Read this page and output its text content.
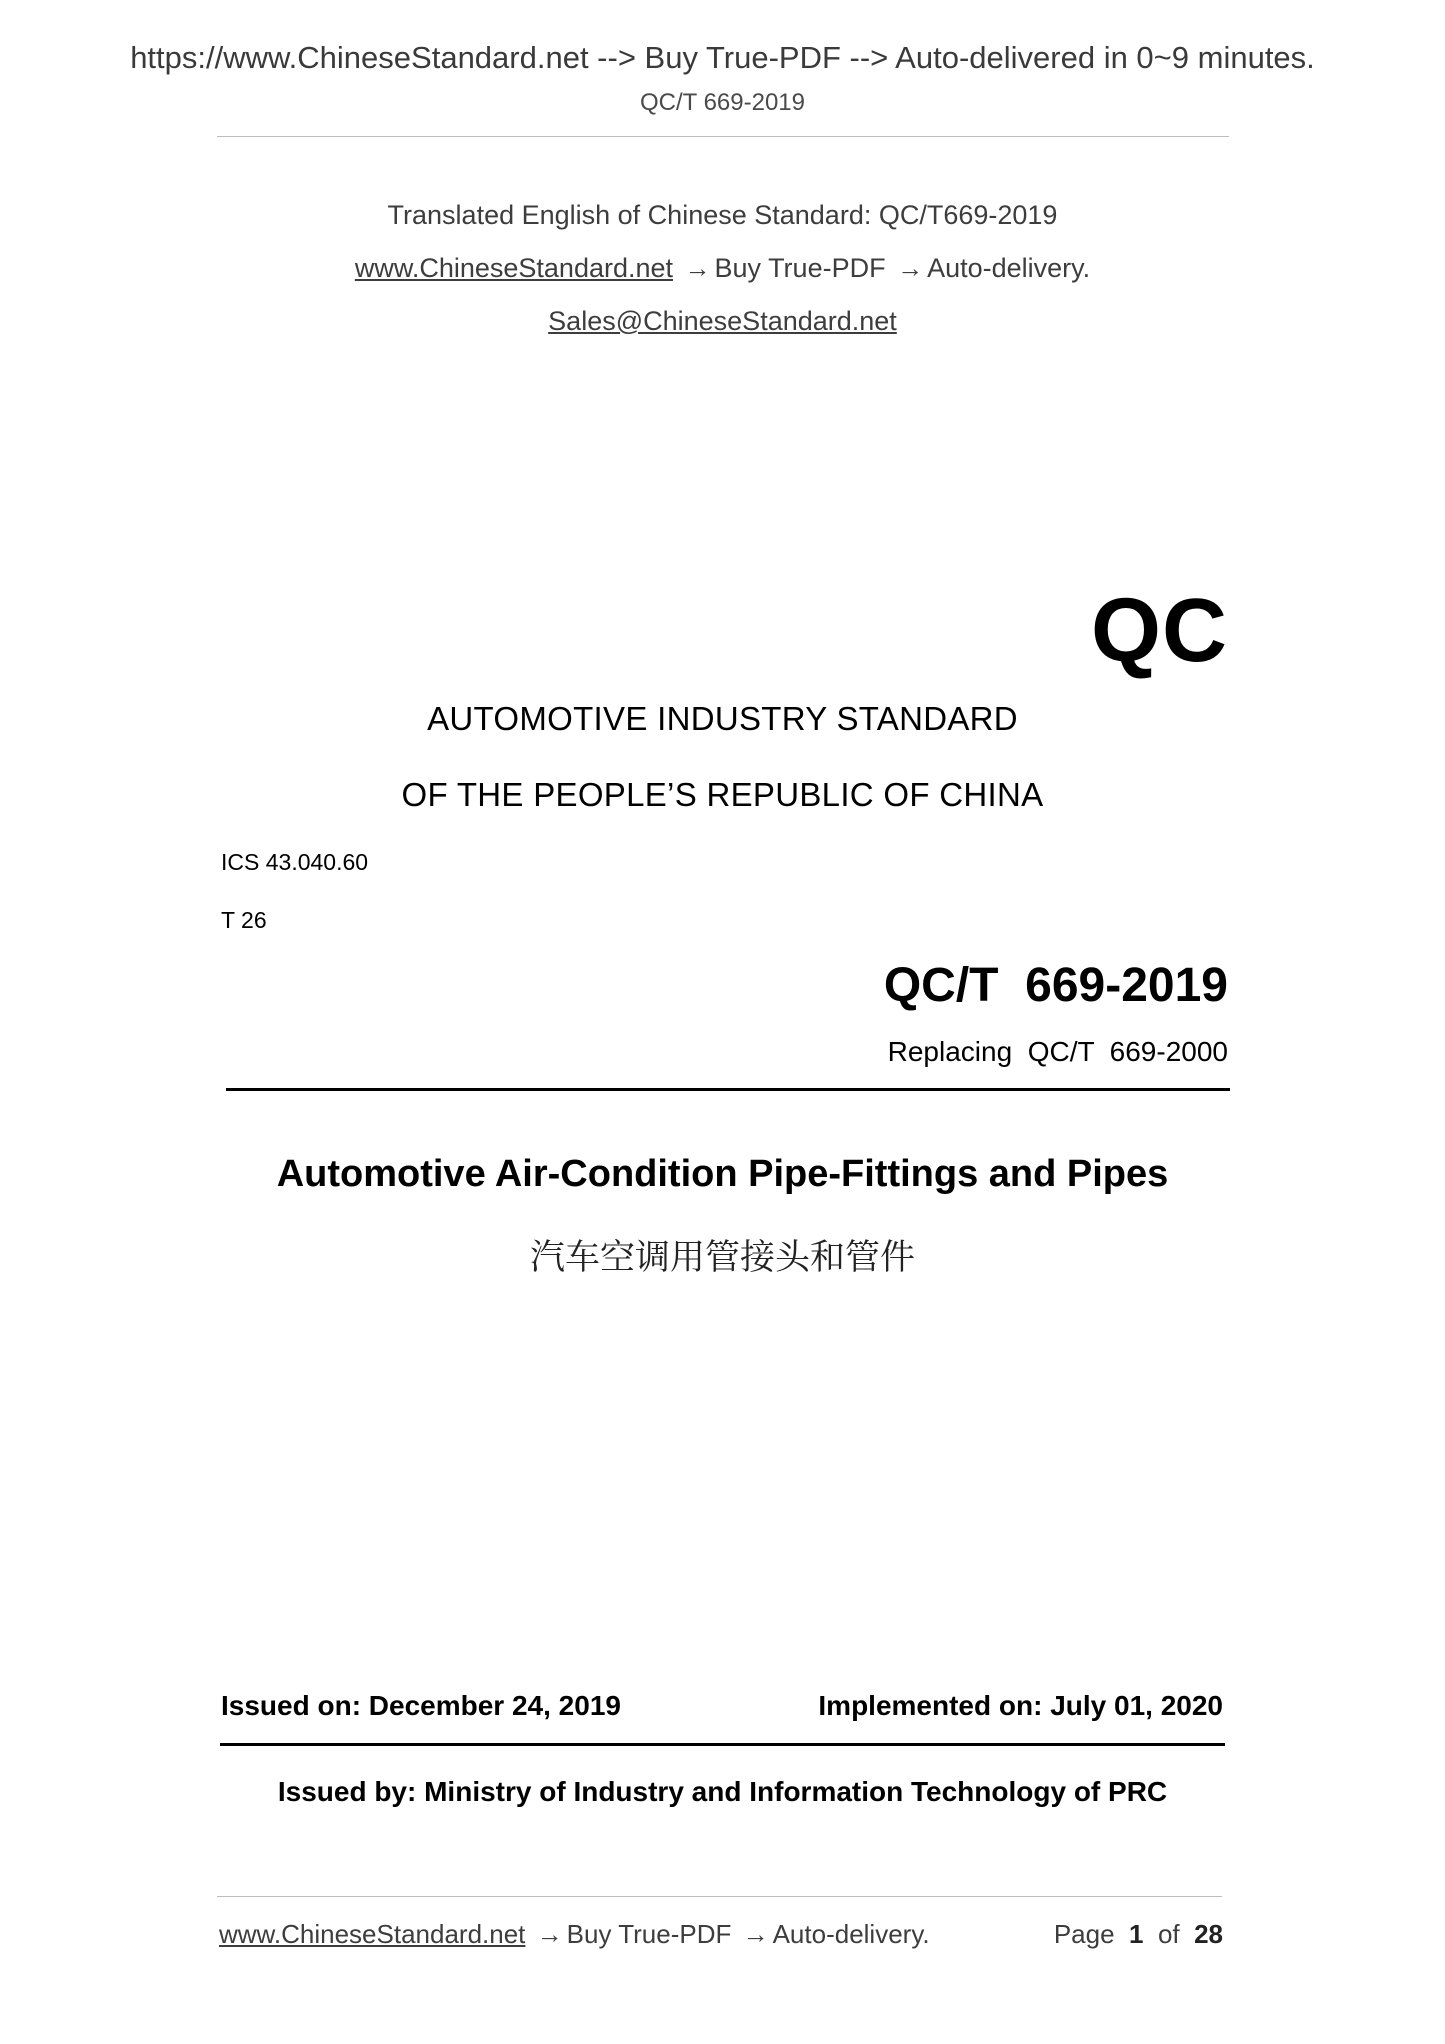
https://www.ChineseStandard.net --> Buy True-PDF --> Auto-delivered in 0~9 minutes.
QC/T 669-2019
Translated English of Chinese Standard: QC/T669-2019
www.ChineseStandard.net → Buy True-PDF → Auto-delivery.
Sales@ChineseStandard.net
QC
AUTOMOTIVE INDUSTRY STANDARD
OF THE PEOPLE’S REPUBLIC OF CHINA
ICS 43.040.60
T 26
QC/T  669-2019
Replacing  QC/T  669-2000
Automotive Air-Condition Pipe-Fittings and Pipes
汽车空调用管接头和管件
Issued on: December 24, 2019	Implemented on: July 01, 2020
Issued by: Ministry of Industry and Information Technology of PRC
www.ChineseStandard.net → Buy True-PDF → Auto-delivery.	Page 1 of 28
